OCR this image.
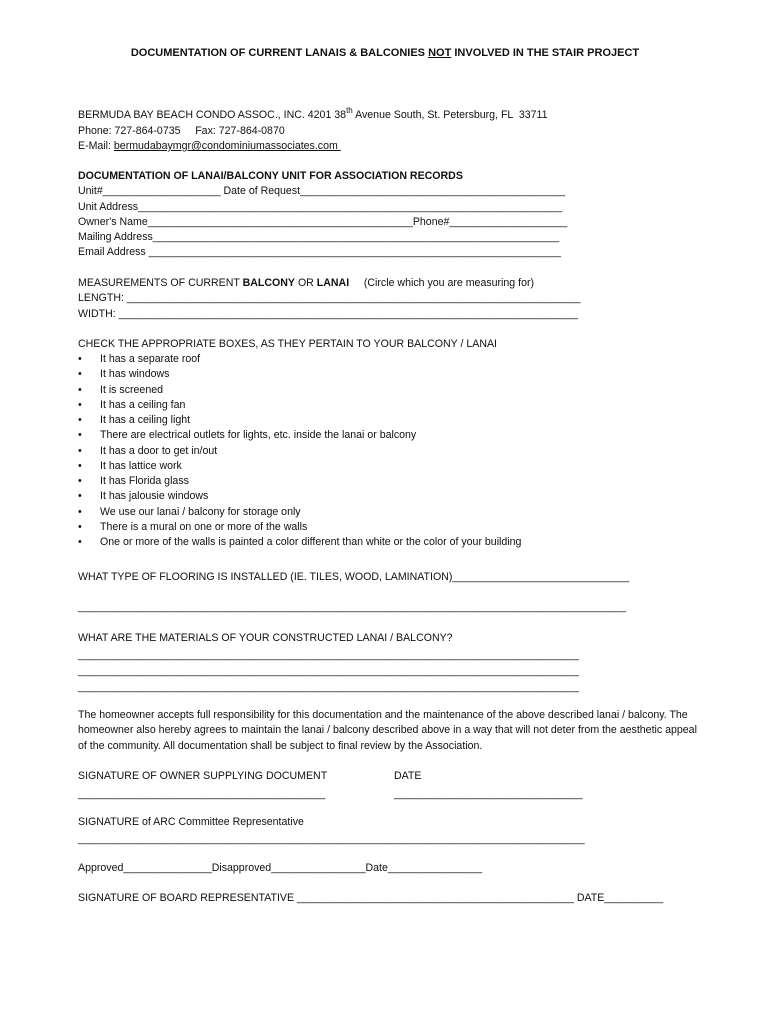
DOCUMENTATION OF CURRENT LANAIS & BALCONIES NOT INVOLVED IN THE STAIR PROJECT
BERMUDA BAY BEACH CONDO ASSOC., INC. 4201 38th Avenue South, St. Petersburg, FL  33711
Phone: 727-864-0735     Fax: 727-864-0870
E-Mail: bermudabaymgr@condominiumassociates.com
DOCUMENTATION OF LANAI/BALCONY UNIT FOR ASSOCIATION RECORDS
Unit#____________________ Date of Request_____________________________________________
Unit Address________________________________________________________________________
Owner's Name_____________________________________________Phone#____________________
Mailing Address_____________________________________________________________________
Email Address ______________________________________________________________________
MEASUREMENTS OF CURRENT BALCONY OR LANAI     (Circle which you are measuring for)
LENGTH: _____________________________________________________________________________
WIDTH: ______________________________________________________________________________
CHECK THE APPROPRIATE BOXES, AS THEY PERTAIN TO YOUR BALCONY / LANAI
• It has a separate roof
• It has windows
• It is screened
• It has a ceiling fan
• It has a ceiling light
• There are electrical outlets for lights, etc. inside the lanai or balcony
• It has a door to get in/out
• It has lattice work
• It has Florida glass
• It has jalousie windows
• We use our lanai / balcony for storage only
• There is a mural on one or more of the walls
• One or more of the walls is painted a color different than white or the color of your building
WHAT TYPE OF FLOORING IS INSTALLED (IE. TILES, WOOD, LAMINATION)______________________________
_____________________________________________________________________________________________
WHAT ARE THE MATERIALS OF YOUR CONSTRUCTED LANAI / BALCONY?
_____________________________________________________________________________________
_____________________________________________________________________________________
_____________________________________________________________________________________
The homeowner accepts full responsibility for this documentation and the maintenance of the above described lanai / balcony. The homeowner also hereby agrees to maintain the lanai / balcony described above in a way that will not deter from the aesthetic appeal of the community. All documentation shall be subject to final review by the Association.
SIGNATURE OF OWNER SUPPLYING DOCUMENT	DATE
__________________________________________	________________________________
SIGNATURE of ARC Committee Representative
______________________________________________________________________________________
Approved_______________Disapproved________________Date________________
SIGNATURE OF BOARD REPRESENTATIVE _______________________________________________ DATE__________
